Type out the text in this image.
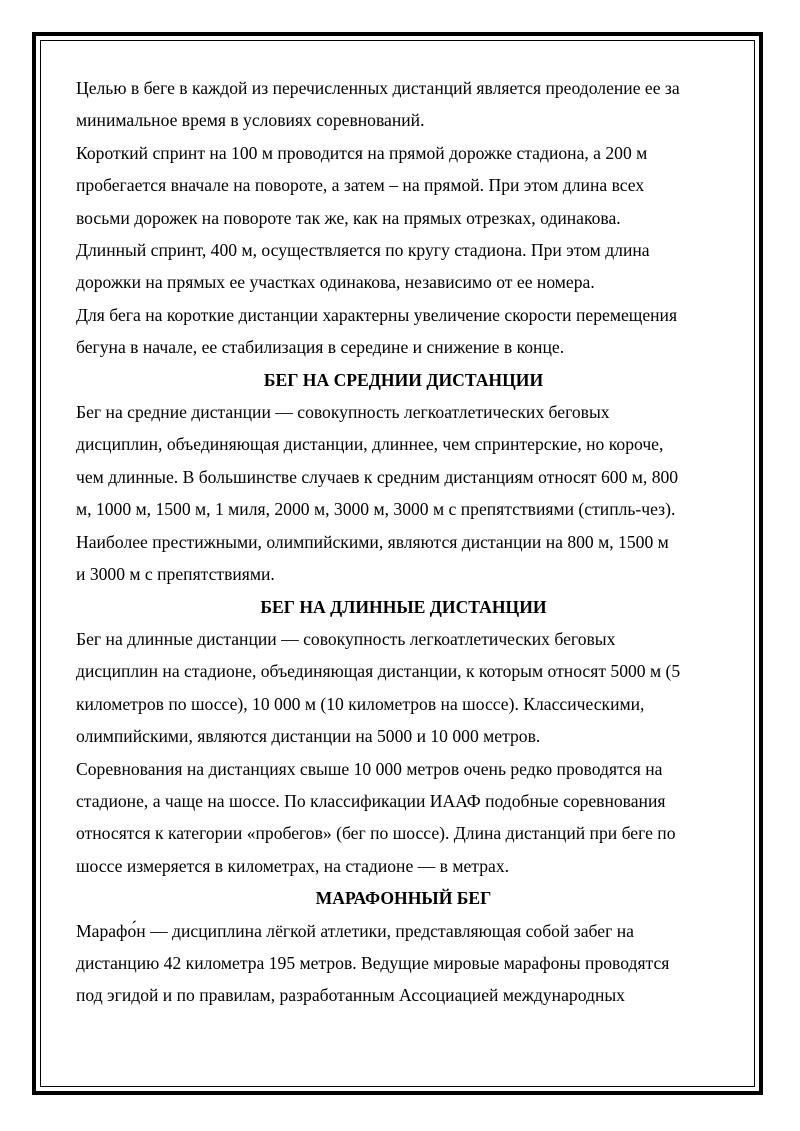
Целью в беге в каждой из перечисленных дистанций является преодоление ее за
минимальное время в условиях соревнований.

Короткий спринт на 100 м проводится на прямой дорожке стадиона, а 200 м
пробегается вначале на повороте, а затем – на прямой. При этом длина всех
восьми дорожек на повороте так же, как на прямых отрезках, одинакова.

Длинный спринт, 400 м, осуществляется по кругу стадиона. При этом длина
дорожки на прямых ее участках одинакова, независимо от ее номера.

Для бега на короткие дистанции характерны увеличение скорости перемещения
бегуна в начале, ее стабилизация в середине и снижение в конце.

БЕГ НА СРЕДНИИ ДИСТАНЦИИ

Бег на средние дистанции — совокупность легкоатлетических беговых
дисциплин, объединяющая дистанции, длиннее, чем спринтерские, но короче,
чем длинные. В большинстве случаев к средним дистанциям относят 600 м, 800
м, 1000 м, 1500 м, 1 миля, 2000 м, 3000 м, 3000 м с препятствиями (стипль-чез).
Наиболее престижными, олимпийскими, являются дистанции на 800 м, 1500 м
и 3000 м с препятствиями.

БЕГ НА ДЛИННЫЕ ДИСТАНЦИИ

Бег на длинные дистанции — совокупность легкоатлетических беговых
дисциплин на стадионе, объединяющая дистанции, к которым относят 5000 м (5
километров по шоссе), 10 000 м (10 километров на шоссе). Классическими,
олимпийскими, являются дистанции на 5000 и 10 000 метров.

Соревнования на дистанциях свыше 10 000 метров очень редко проводятся на
стадионе, а чаще на шоссе. По классификации ИААФ подобные соревнования
относятся к категории «пробегов» (бег по шоссе). Длина дистанций при беге по
шоссе измеряется в километрах, на стадионе — в метрах.

МАРАФОННЫЙ БЕГ

Марафо́н — дисциплина лёгкой атлетики, представляющая собой забег на
дистанцию 42 километра 195 метров. Ведущие мировые марафоны проводятся
под эгидой и по правилам, разработанным Ассоциацией международных
